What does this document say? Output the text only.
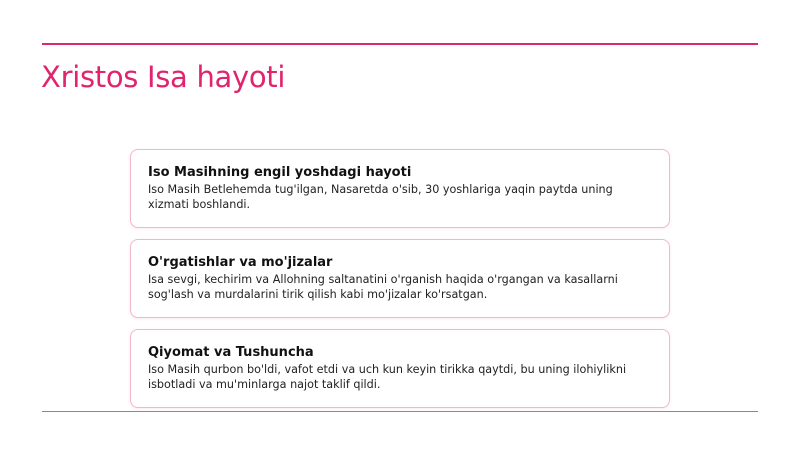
Xristos Isa hayoti
Iso Masihning engil yoshdagi hayoti
Iso Masih Betlehemda tug'ilgan, Nasaretda o'sib, 30 yoshlariga yaqin paytda uning xizmati boshlandi.
O'rgatishlar va mo'jizalar
Isa sevgi, kechirim va Allohning saltanatini o'rganish haqida o'rgangan va kasallarni sog'lash va murdalarini tirik qilish kabi mo'jizalar ko'rsatgan.
Qiyomat va Tushuncha
Iso Masih qurbon bo'ldi, vafot etdi va uch kun keyin tirikka qaytdi, bu uning ilohiylikni isbotladi va mu'minlarga najot taklif qildi.
